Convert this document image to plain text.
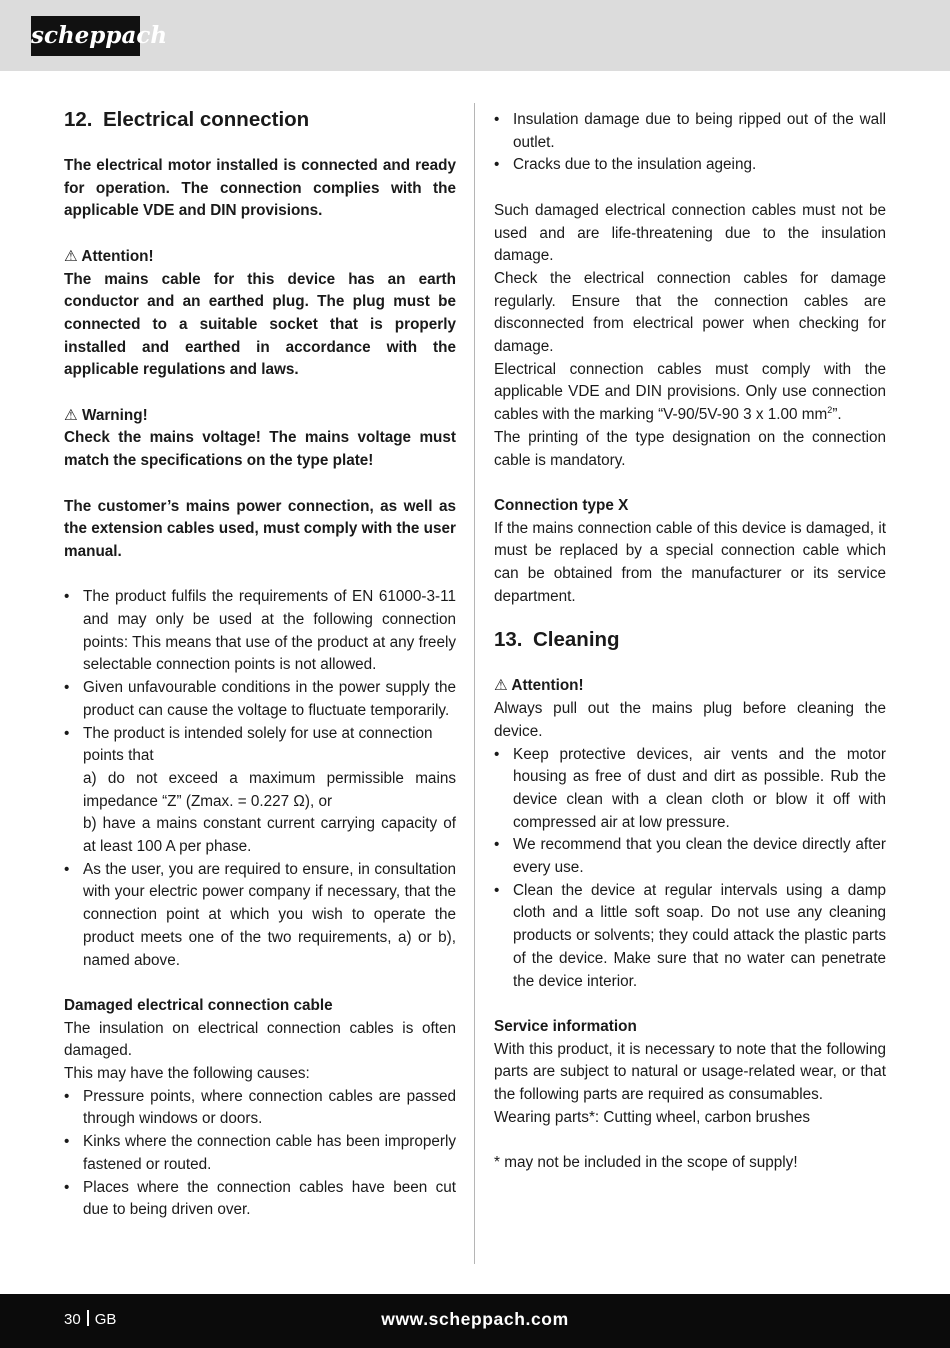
scheppach
12. Electrical connection

The electrical motor installed is connected and ready for operation. The connection complies with the applicable VDE and DIN provisions.

⚠ Attention!

The mains cable for this device has an earth conductor and an earthed plug. The plug must be connected to a suitable socket that is properly installed and earthed in accordance with the applicable regulations and laws.

⚠ Warning!

Check the mains voltage! The mains voltage must match the specifications on the type plate!

The customer’s mains power connection, as well as the extension cables used, must comply with the user manual.

• The product fulfils the requirements of EN 61000-3-11 and may only be used at the following connection points: This means that use of the product at any freely selectable connection points is not allowed.
• Given unfavourable conditions in the power supply the product can cause the voltage to fluctuate temporarily.
• The product is intended solely for use at connection points that
a) do not exceed a maximum permissible mains impedance “Z” (Zmax. = 0.227 Ω), or
b) have a mains constant current carrying capacity of at least 100 A per phase.
• As the user, you are required to ensure, in consultation with your electric power company if necessary, that the connection point at which you wish to operate the product meets one of the two requirements, a) or b), named above.

Damaged electrical connection cable

The insulation on electrical connection cables is often damaged.

This may have the following causes:

• Pressure points, where connection cables are passed through windows or doors.
• Kinks where the connection cable has been improperly fastened or routed.
• Places where the connection cables have been cut due to being driven over.
• Insulation damage due to being ripped out of the wall outlet.
• Cracks due to the insulation ageing.

Such damaged electrical connection cables must not be used and are life-threatening due to the insulation damage.

Check the electrical connection cables for damage regularly. Ensure that the connection cables are disconnected from electrical power when checking for damage.

Electrical connection cables must comply with the applicable VDE and DIN provisions. Only use connection cables with the marking “V-90/5V-90 3 x 1.00 $mm^2$”.

The printing of the type designation on the connection cable is mandatory.

Connection type X

If the mains connection cable of this device is damaged, it must be replaced by a special connection cable which can be obtained from the manufacturer or its service department.

13. Cleaning

⚠ Attention!

Always pull out the mains plug before cleaning the device.

• Keep protective devices, air vents and the motor housing as free of dust and dirt as possible. Rub the device clean with a clean cloth or blow it off with compressed air at low pressure.
• We recommend that you clean the device directly after every use.
• Clean the device at regular intervals using a damp cloth and a little soft soap. Do not use any cleaning products or solvents; they could attack the plastic parts of the device. Make sure that no water can penetrate the device interior.

Service information

With this product, it is necessary to note that the following parts are subject to natural or usage-related wear, or that the following parts are required as consumables.

Wearing parts*: Cutting wheel, carbon brushes

* may not be included in the scope of supply!

30 GB	www.scheppach.com
